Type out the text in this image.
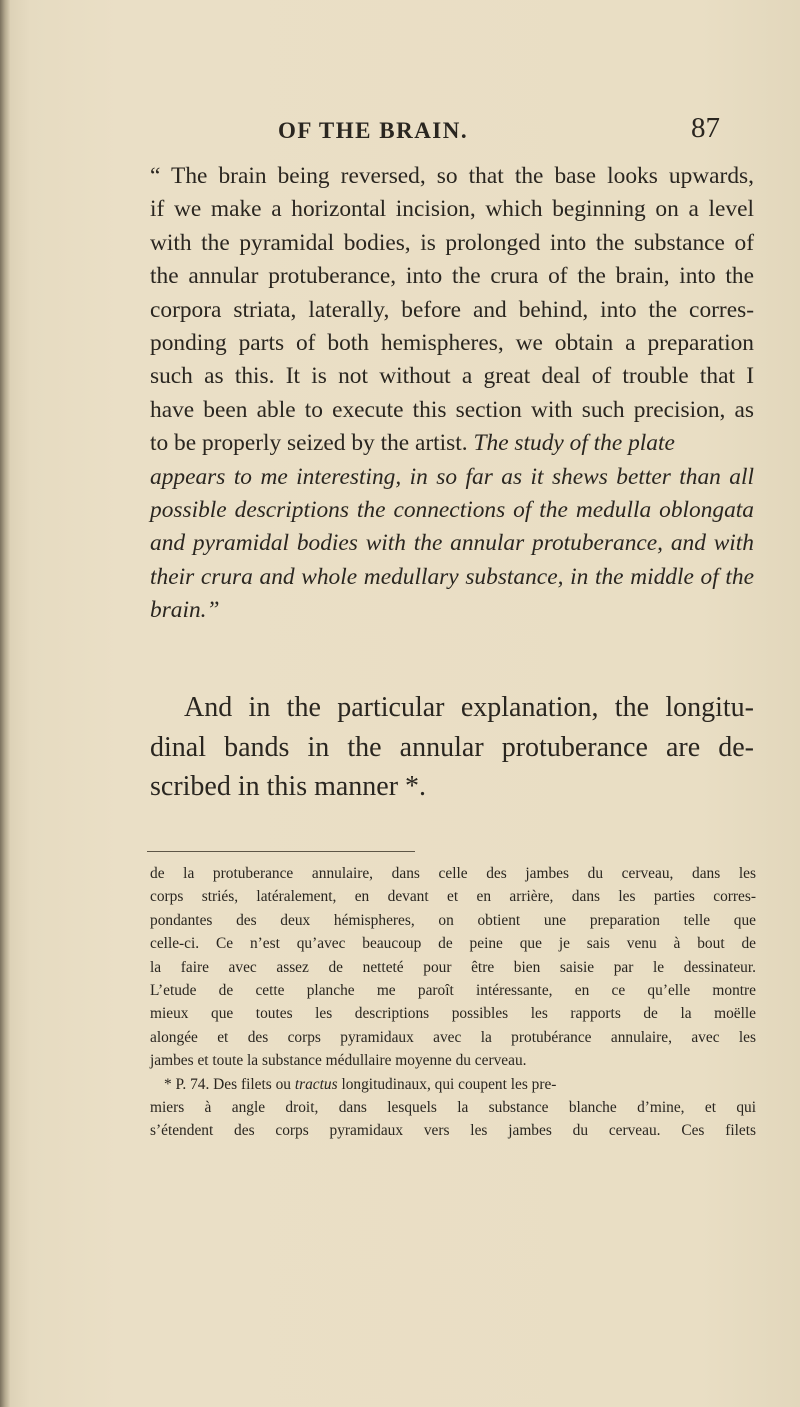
OF THE BRAIN.	87
“ The brain being reversed, so that the base looks upwards,
if we make a horizontal incision, which beginning on a level
with the pyramidal bodies, is prolonged into the substance of
the annular protuberance, into the crura of the brain, into the
corpora striata, laterally, before and behind, into the corres-
ponding parts of both hemispheres, we obtain a preparation
such as this. It is not without a great deal of trouble that I
have been able to execute this section with such precision, as
to be properly seized by the artist. The study of the plate
appears to me interesting, in so far as it shews better than all
possible descriptions the connections of the medulla oblongata
and pyramidal bodies with the annular protuberance, and with
their crura and whole medullary substance, in the middle of the
brain.”
And in the particular explanation, the longitu-
dinal bands in the annular protuberance are de-
scribed in this manner *.
de la protuberance annulaire, dans celle des jambes du cerveau, dans les
corps striés, latéralement, en devant et en arrière, dans les parties corres-
pondantes des deux hémispheres, on obtient une preparation telle que
celle-ci. Ce n’est qu’avec beaucoup de peine que je sais venu à bout de
la faire avec assez de netteté pour être bien saisie par le dessinateur.
L’etude de cette planche me paroît intéressante, en ce qu’elle montre
mieux que toutes les descriptions possibles les rapports de la moëlle
alongée et des corps pyramidaux avec la protubérance annulaire, avec les
jambes et toute la substance médullaire moyenne du cerveau.
* P. 74. Des filets ou tractus longitudinaux, qui coupent les pre-
miers à angle droit, dans lesquels la substance blanche d’mine, et qui
s’étendent des corps pyramidaux vers les jambes du cerveau. Ces filets
